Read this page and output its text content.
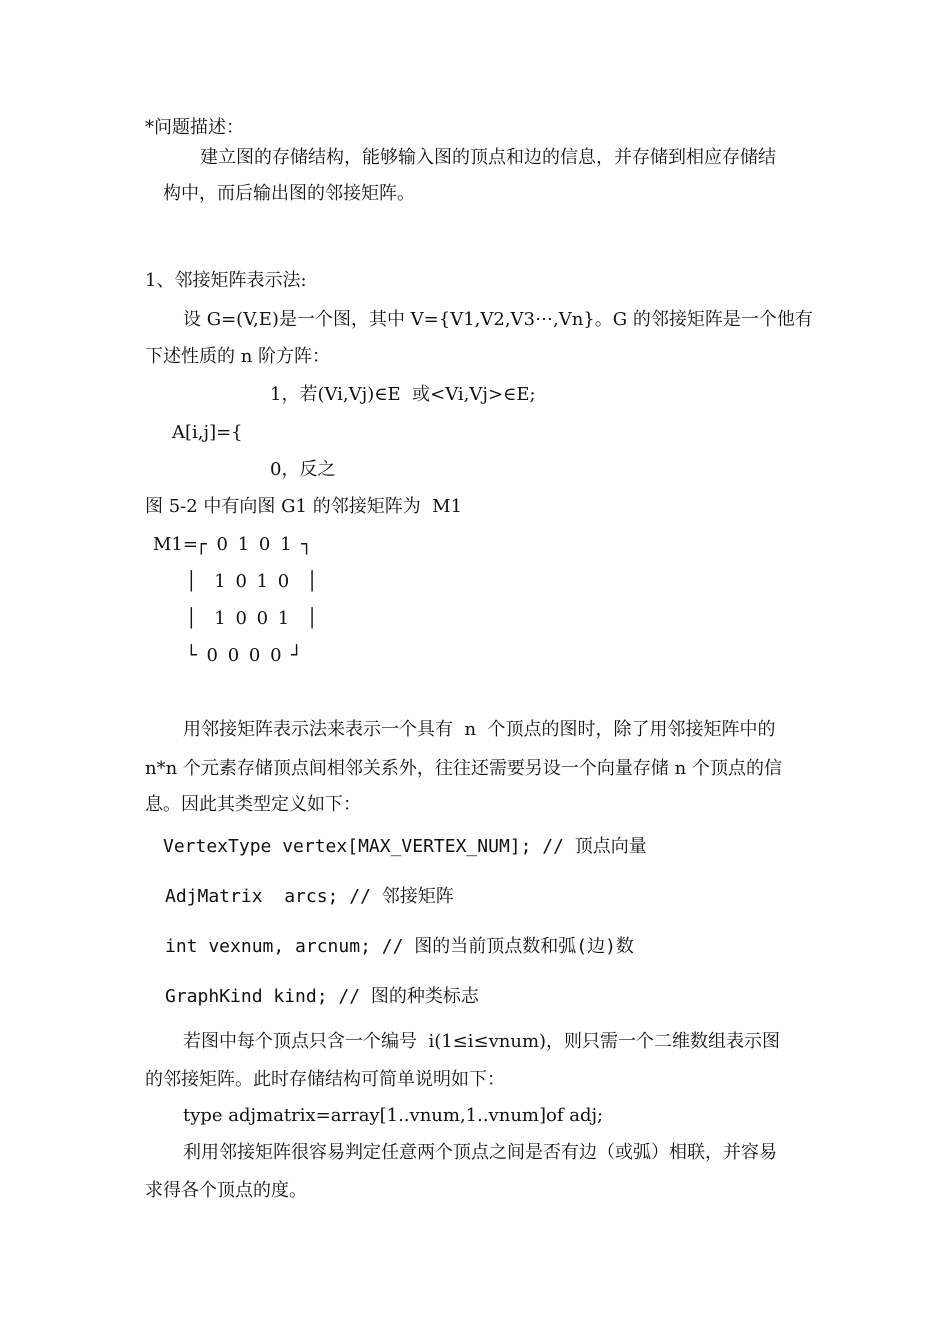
*问题描述：

建立图的存储结构，能够输入图的顶点和边的信息，并存储到相应存储结

构中，而后输出图的邻接矩阵。

1、邻接矩阵表示法:

设 G=(V,E)是一个图，其中 V={V1,V2,V3⋯,Vn}。G 的邻接矩阵是一个他有

下述性质的 n 阶方阵：

1，若(Vi,Vj)∈E  或<Vi,Vj>∈E;

A[i,j]={

0，反之

图 5-2 中有向图 G1 的邻接矩阵为  M1

M1=

┌ 0 1 0 1 ┐

│  1 0 1 0  │

│  1 0 0 1  │

└ 0 0 0 0 ┘

用邻接矩阵表示法来表示一个具有  n  个顶点的图时，除了用邻接矩阵中的

n*n 个元素存储顶点间相邻关系外，往往还需要另设一个向量存储 n 个顶点的信

息。因此其类型定义如下：

VertexType vertex[MAX_VERTEX_NUM]; // 顶点向量

AdjMatrix  arcs; // 邻接矩阵

int vexnum, arcnum; // 图的当前顶点数和弧(边)数

GraphKind kind; // 图的种类标志

若图中每个顶点只含一个编号  i(1≤i≤vnum)，则只需一个二维数组表示图

的邻接矩阵。此时存储结构可简单说明如下：

type adjmatrix=array[1..vnum,1..vnum]of adj;

利用邻接矩阵很容易判定任意两个顶点之间是否有边（或弧）相联，并容易

求得各个顶点的度。
